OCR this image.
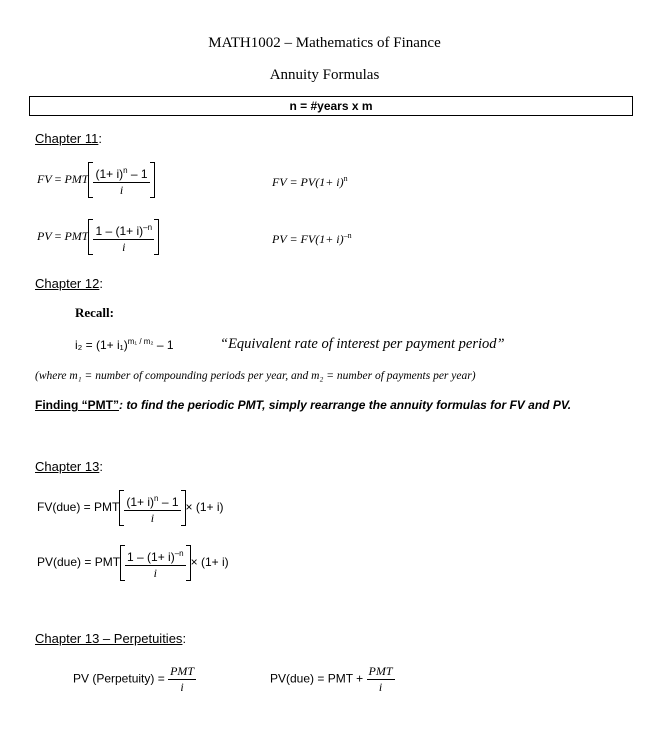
MATH1002 – Mathematics of Finance
Annuity Formulas
n = #years x m
Chapter 11:
FV = PMT $\frac{(1+ i)^n - 1}{i}$	FV = $PV(1+ i)^n$
PV = PMT $\frac{1 - (1+ i)^{-n}}{i}$	PV = $FV(1+ i)^{-n}$
Chapter 12:
Recall:
$i_2 = (1+ i_1)^{m_1 / m_2} - 1$	“Equivalent rate of interest per payment period”
(where m₁ = number of compounding periods per year, and m₂ = number of payments per year)
Finding “PMT”: to find the periodic PMT, simply rearrange the annuity formulas for FV and PV.
Chapter 13:
FV(due) = PMT $\frac{(1+ i)^n - 1}{i} \times (1+ i)$
PV(due) = PMT $\frac{1 - (1+ i)^{-n}}{i} \times (1+ i)$
Chapter 13 – Perpetuities:
PV (Perpetuity) = $\frac{\text{PMT}}{i}$	PV(due) = PMT + $\frac{\text{PMT}}{i}$
